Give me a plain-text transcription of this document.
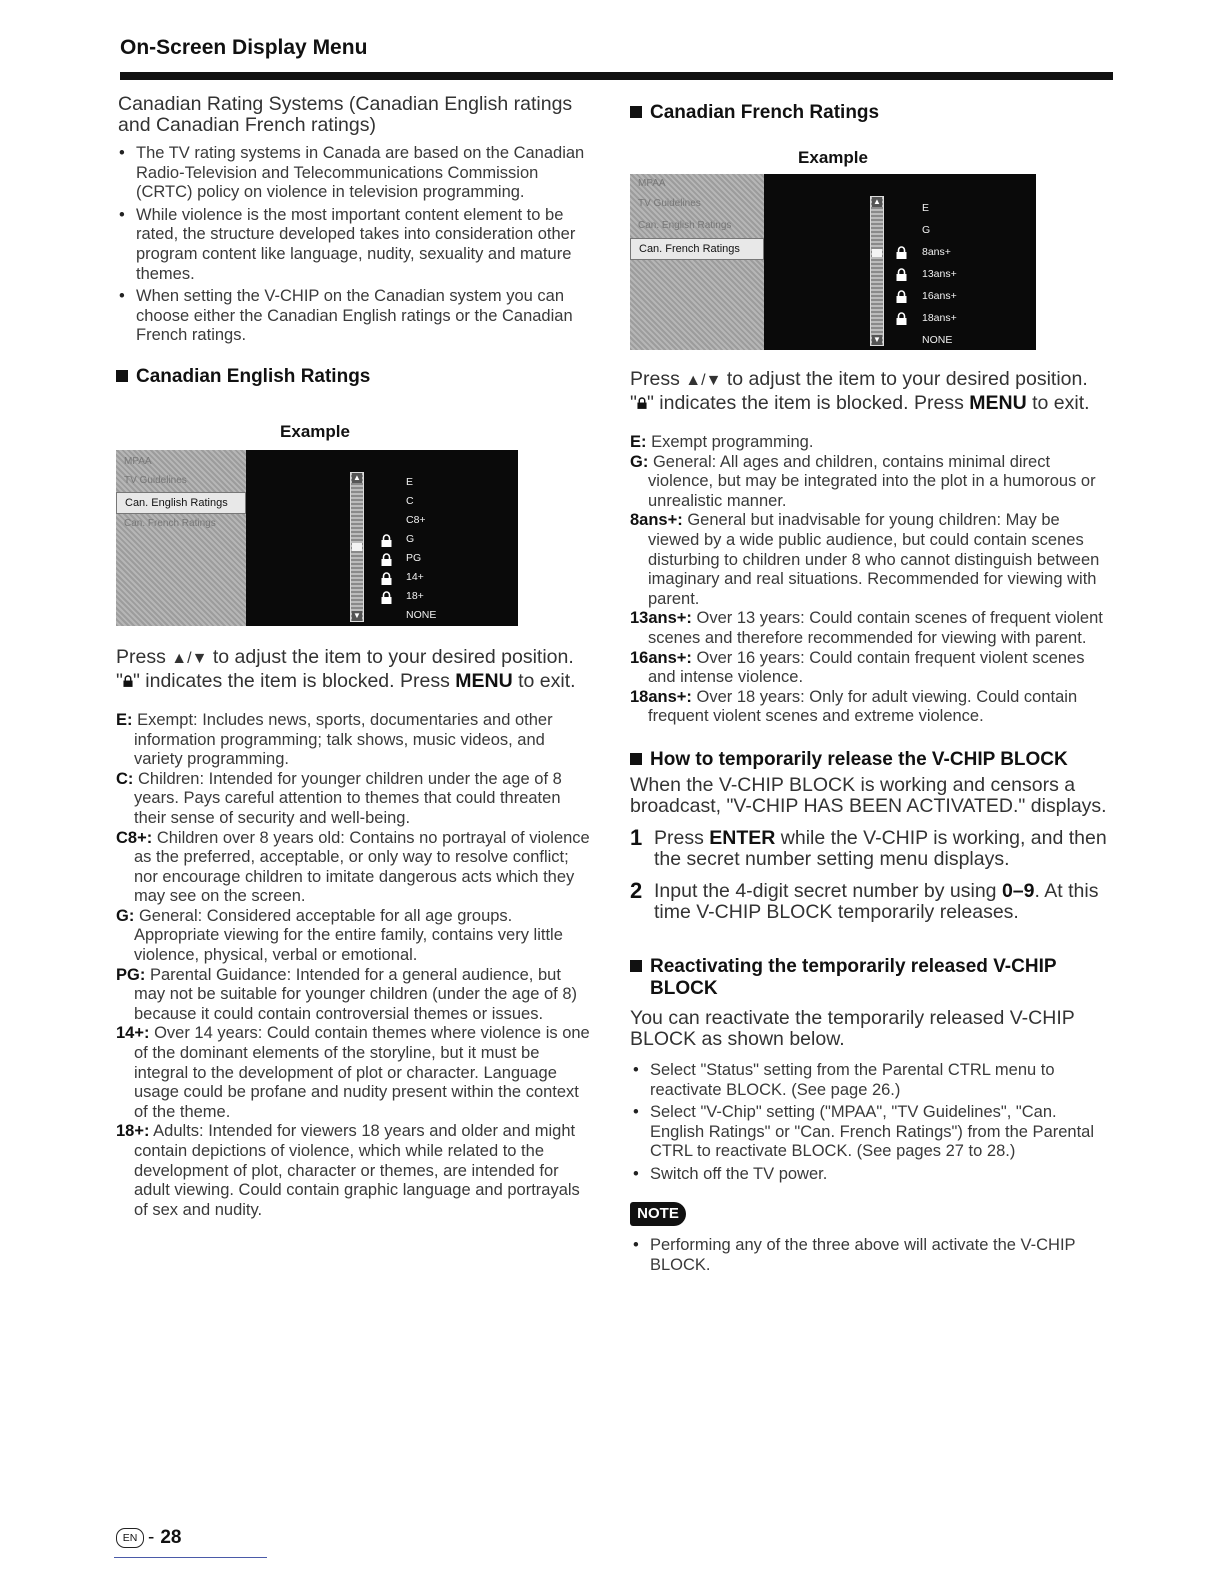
On-Screen Display Menu

Canadian Rating Systems (Canadian English ratings and Canadian French ratings)

• The TV rating systems in Canada are based on the Canadian Radio-Television and Telecommunications Commission (CRTC) policy on violence in television programming.
• While violence is the most important content element to be rated, the structure developed takes into consideration other program content like language, nudity, sexuality and mature themes.
• When setting the V-CHIP on the Canadian system you can choose either the Canadian English ratings or the Canadian French ratings.
Canadian English Ratings
Example
MPAA
TV Guidelines
Can. English Ratings
Can. French Ratings
▲
▼
E
C
C8+
G
PG
14+
18+
NONE
Press ▲/▼ to adjust the item to your desired position.
" " indicates the item is blocked. Press MENU to exit.

E: Exempt: Includes news, sports, documentaries and other information programming; talk shows, music videos, and variety programming.

C: Children: Intended for younger children under the age of 8 years. Pays careful attention to themes that could threaten their sense of security and well-being.

C8+: Children over 8 years old: Contains no portrayal of violence as the preferred, acceptable, or only way to resolve conflict; nor encourage children to imitate dangerous acts which they may see on the screen.

G: General: Considered acceptable for all age groups. Appropriate viewing for the entire family, contains very little violence, physical, verbal or emotional.

PG: Parental Guidance: Intended for a general audience, but may not be suitable for younger children (under the age of 8) because it could contain controversial themes or issues.

14+: Over 14 years: Could contain themes where violence is one of the dominant elements of the storyline, but it must be integral to the development of plot or character. Language usage could be profane and nudity present within the context of the theme.

18+: Adults: Intended for viewers 18 years and older and might contain depictions of violence, which while related to the development of plot, character or themes, are intended for adult viewing. Could contain graphic language and portrayals of sex and nudity.

Canadian French Ratings
Example
MPAA
TV Guidelines
Can. English Ratings
Can. French Ratings
▲
▼
E
G
8ans+
13ans+
16ans+
18ans+
NONE
Press ▲/▼ to adjust the item to your desired position.
" " indicates the item is blocked. Press MENU to exit.

E: Exempt programming.

G: General: All ages and children, contains minimal direct violence, but may be integrated into the plot in a humorous or unrealistic manner.

8ans+: General but inadvisable for young children: May be viewed by a wide public audience, but could contain scenes disturbing to children under 8 who cannot distinguish between imaginary and real situations. Recommended for viewing with parent.

13ans+: Over 13 years: Could contain scenes of frequent violent scenes and therefore recommended for viewing with parent.

16ans+: Over 16 years: Could contain frequent violent scenes and intense violence.

18ans+: Over 18 years: Only for adult viewing. Could contain frequent violent scenes and extreme violence.

How to temporarily release the V-CHIP BLOCK
When the V-CHIP BLOCK is working and censors a broadcast, "V-CHIP HAS BEEN ACTIVATED." displays.
1 Press ENTER while the V-CHIP is working, and then the secret number setting menu displays.
2 Input the 4-digit secret number by using 0–9. At this time V-CHIP BLOCK temporarily releases.
Reactivating the temporarily released V-CHIP BLOCK
You can reactivate the temporarily released V-CHIP BLOCK as shown below.
• Select "Status" setting from the Parental CTRL menu to reactivate BLOCK. (See page 26.)
• Select "V-Chip" setting ("MPAA", "TV Guidelines", "Can. English Ratings" or "Can. French Ratings") from the Parental CTRL to reactivate BLOCK. (See pages 27 to 28.)
• Switch off the TV power.
NOTE
• Performing any of the three above will activate the V-CHIP BLOCK.
EN - 28
